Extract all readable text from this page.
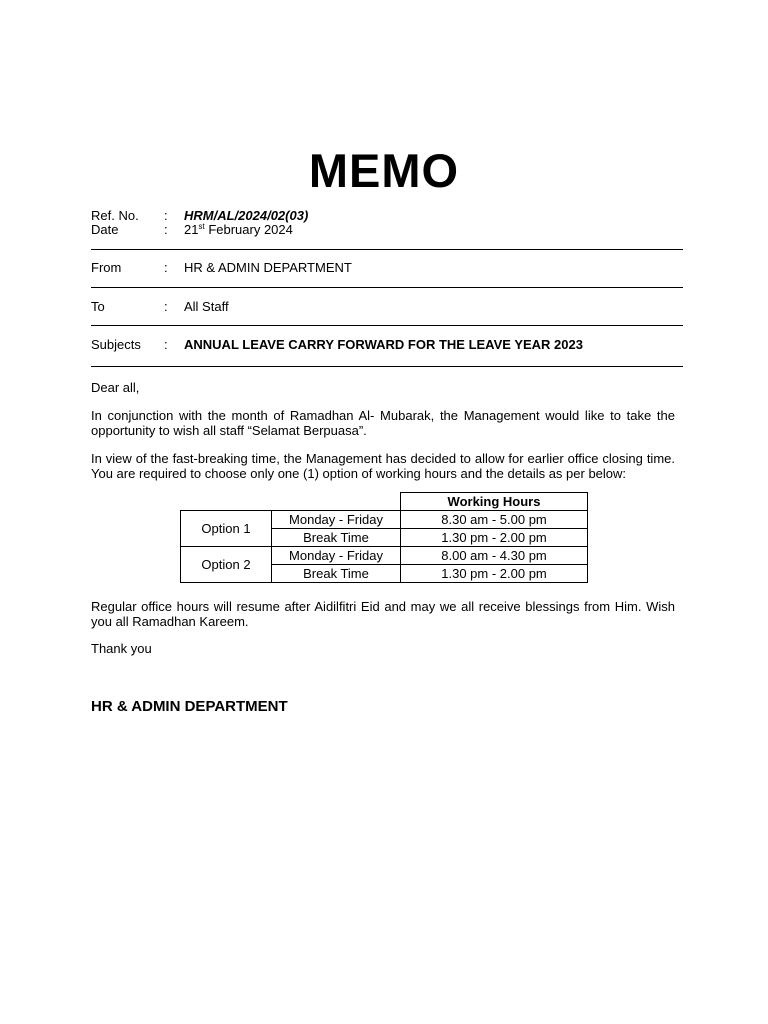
MEMO
Ref. No. : HRM/AL/2024/02(03)
Date	: 21st February 2024
From	: HR & ADMIN DEPARTMENT
To	: All Staff
Subjects : ANNUAL LEAVE CARRY FORWARD FOR THE LEAVE YEAR 2023
Dear all,
In conjunction with the month of Ramadhan Al- Mubarak, the Management would like to take the opportunity to wish all staff “Selamat Berpuasa”.
In view of the fast-breaking time, the Management has decided to allow for earlier office closing time. You are required to choose only one (1) option of working hours and the details as per below:
		Working Hours
Option 1	Monday - Friday	8.30 am - 5.00 pm
	Break Time	1.30 pm - 2.00 pm
Option 2	Monday - Friday	8.00 am - 4.30 pm
	Break Time	1.30 pm - 2.00 pm
Regular office hours will resume after Aidilfitri Eid and may we all receive blessings from Him. Wish you all Ramadhan Kareem.
Thank you
HR & ADMIN DEPARTMENT
